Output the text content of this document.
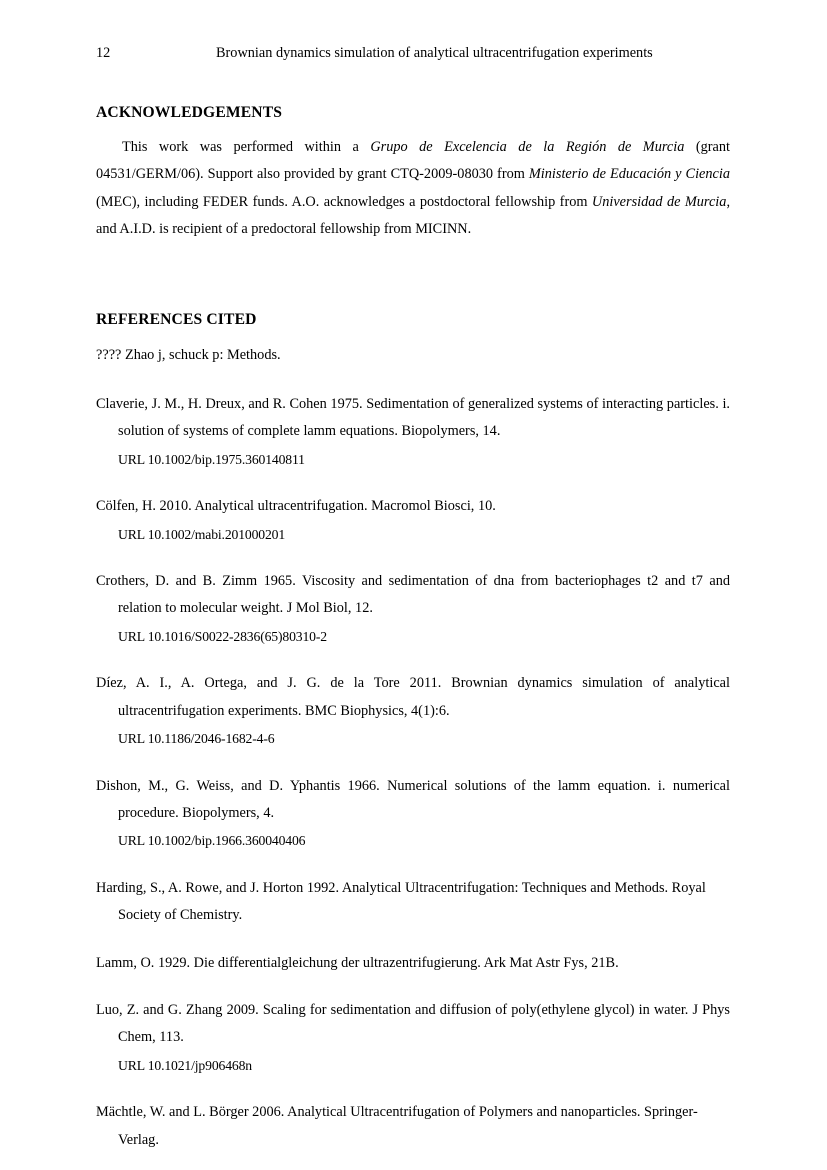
12	Brownian dynamics simulation of analytical ultracentrifugation experiments
ACKNOWLEDGEMENTS

This work was performed within a Grupo de Excelencia de la Región de Murcia (grant 04531/GERM/06). Support also provided by grant CTQ-2009-08030 from Ministerio de Educación y Ciencia (MEC), including FEDER funds. A.O. acknowledges a postdoctoral fellowship from Universidad de Murcia, and A.I.D. is recipient of a predoctoral fellowship from MICINN.

REFERENCES CITED
???? Zhao j, schuck p: Methods.
Claverie, J. M., H. Dreux, and R. Cohen 1975. Sedimentation of generalized systems of interacting particles. i. solution of systems of complete lamm equations. Biopolymers, 14.
URL 10.1002/bip.1975.360140811
Cölfen, H. 2010. Analytical ultracentrifugation. Macromol Biosci, 10.
URL 10.1002/mabi.201000201
Crothers, D. and B. Zimm 1965. Viscosity and sedimentation of dna from bacteriophages t2 and t7 and relation to molecular weight. J Mol Biol, 12.
URL 10.1016/S0022-2836(65)80310-2
Díez, A. I., A. Ortega, and J. G. de la Tore 2011. Brownian dynamics simulation of analytical ultracentrifugation experiments. BMC Biophysics, 4(1):6.
URL 10.1186/2046-1682-4-6
Dishon, M., G. Weiss, and D. Yphantis 1966. Numerical solutions of the lamm equation. i. numerical procedure. Biopolymers, 4.
URL 10.1002/bip.1966.360040406
Harding, S., A. Rowe, and J. Horton 1992. Analytical Ultracentrifugation: Techniques and Methods. Royal Society of Chemistry.
Lamm, O. 1929. Die differentialgleichung der ultrazentrifugierung. Ark Mat Astr Fys, 21B.
Luo, Z. and G. Zhang 2009. Scaling for sedimentation and diffusion of poly(ethylene glycol) in water. J Phys Chem, 113.
URL 10.1021/jp906468n
Mächtle, W. and L. Börger 2006. Analytical Ultracentrifugation of Polymers and nanoparticles. Springer-Verlag.
